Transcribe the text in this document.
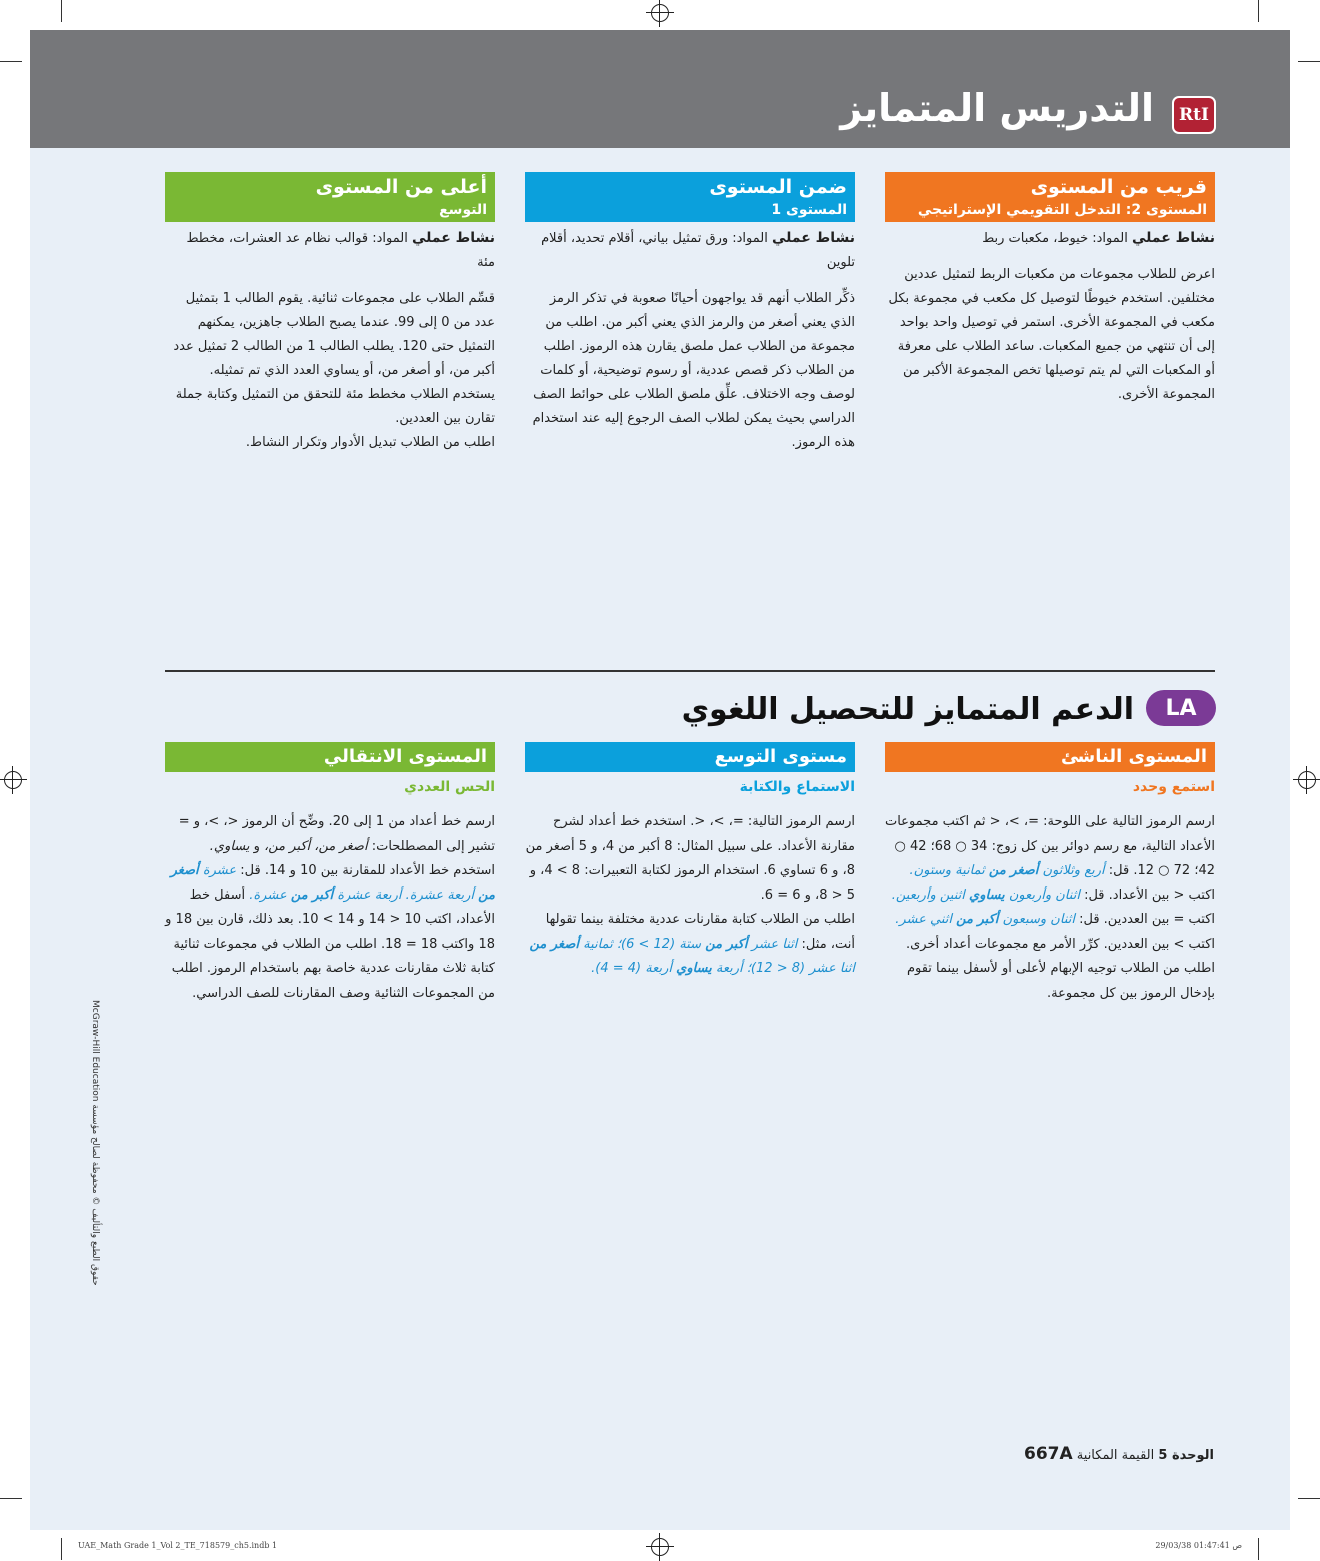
RtI
التدريس المتمايز
قريب من المستوى
المستوى 2: التدخل التقويمي الإستراتيجي
نشاط عملي المواد: خيوط، مكعبات ربط
اعرض للطلاب مجموعات من مكعبات الربط لتمثيل عددين مختلفين. استخدم خيوطًا لتوصيل كل مكعب في مجموعة بكل مكعب في المجموعة الأخرى. استمر في توصيل واحد بواحد إلى أن تنتهي من جميع المكعبات. ساعد الطلاب على معرفة أو المكعبات التي لم يتم توصيلها تخص المجموعة الأكبر من المجموعة الأخرى.
ضمن المستوى
المستوى 1
نشاط عملي المواد: ورق تمثيل بياني، أقلام تحديد، أقلام تلوين
ذكِّر الطلاب أنهم قد يواجهون أحيانًا صعوبة في تذكر الرمز الذي يعني أصغر من والرمز الذي يعني أكبر من. اطلب من مجموعة من الطلاب عمل ملصق يقارن هذه الرموز. اطلب من الطلاب ذكر قصص عددية، أو رسوم توضيحية، أو كلمات لوصف وجه الاختلاف. علِّق ملصق الطلاب على حوائط الصف الدراسي بحيث يمكن لطلاب الصف الرجوع إليه عند استخدام هذه الرموز.
أعلى من المستوى
التوسع
نشاط عملي المواد: قوالب نظام عد العشرات، مخطط مئة
قسِّم الطلاب على مجموعات ثنائية. يقوم الطالب 1 بتمثيل عدد من 0 إلى 99. عندما يصبح الطلاب جاهزين، يمكنهم التمثيل حتى 120. يطلب الطالب 1 من الطالب 2 تمثيل عدد أكبر من، أو أصغر من، أو يساوي العدد الذي تم تمثيله. يستخدم الطلاب مخطط مئة للتحقق من التمثيل وكتابة جملة تقارن بين العددين.
اطلب من الطلاب تبديل الأدوار وتكرار النشاط.
LA
الدعم المتمايز للتحصيل اللغوي
المستوى الناشئ
استمع وحدد
ارسم الرموز التالية على اللوحة: =، >، < ثم اكتب مجموعات الأعداد التالية، مع رسم دوائر بين كل زوج: 34 ○ 68؛ 42 ○ 42؛ 72 ○ 12. قل: أربع وثلاثون أصغر من ثمانية وستون. اكتب < بين الأعداد. قل: اثنان وأربعون يساوي اثنين وأربعين. اكتب = بين العددين. قل: اثنان وسبعون أكبر من اثني عشر. اكتب > بين العددين. كرِّر الأمر مع مجموعات أعداد أخرى. اطلب من الطلاب توجيه الإبهام لأعلى أو لأسفل بينما تقوم بإدخال الرموز بين كل مجموعة.
مستوى التوسع
الاستماع والكتابة
ارسم الرموز التالية: =، >، <. استخدم خط أعداد لشرح مقارنة الأعداد. على سبيل المثال: 8 أكبر من 4، و 5 أصغر من 8، و 6 تساوي 6. استخدام الرموز لكتابة التعبيرات: 8 > 4، و 5 < 8، و 6 = 6.
اطلب من الطلاب كتابة مقارنات عددية مختلفة بينما تقولها أنت، مثل: اثنا عشر أكبر من ستة (12 > 6)؛ ثمانية أصغر من اثنا عشر (8 < 12)؛ أربعة يساوي أربعة (4 = 4).
المستوى الانتقالي
الحس العددي
ارسم خط أعداد من 1 إلى 20. وضِّح أن الرموز <، >، و = تشير إلى المصطلحات: أصغر من، أكبر من، و يساوي. استخدم خط الأعداد للمقارنة بين 10 و 14. قل: عشرة أصغر من أربعة عشرة. أربعة عشرة أكبر من عشرة. أسفل خط الأعداد، اكتب 10 < 14 و 14 > 10. بعد ذلك، قارن بين 18 و 18 واكتب 18 = 18. اطلب من الطلاب في مجموعات ثنائية كتابة ثلاث مقارنات عددية خاصة بهم باستخدام الرموز. اطلب من المجموعات الثنائية وصف المقارنات للصف الدراسي.
حقوق الطبع والتأليف © محفوظة لصالح مؤسسة McGraw-Hill Education
الوحدة 5 القيمة المكانية 667A
UAE_Math Grade 1_Vol 2_TE_718579_ch5.indb 1	29/03/38 01:47:41 ص
